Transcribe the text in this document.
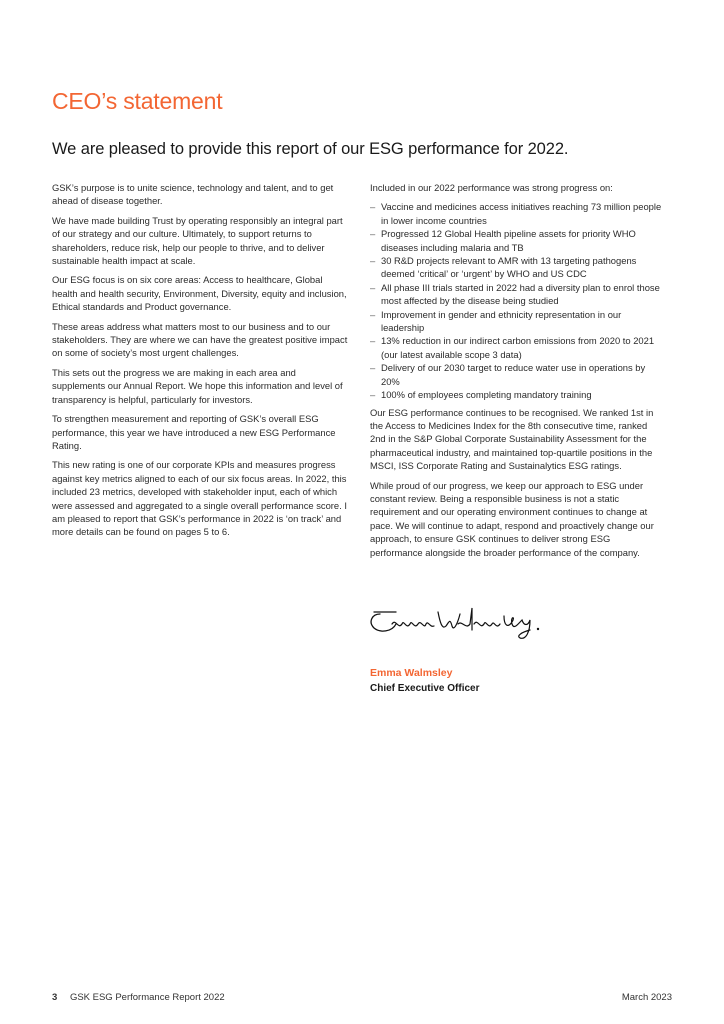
CEO’s statement
We are pleased to provide this report of our ESG performance for 2022.

GSK’s purpose is to unite science, technology and talent, and to get ahead of disease together.

We have made building Trust by operating responsibly an integral part of our strategy and our culture. Ultimately, to support returns to shareholders, reduce risk, help our people to thrive, and to deliver sustainable health impact at scale.

Our ESG focus is on six core areas: Access to healthcare, Global health and health security, Environment, Diversity, equity and inclusion, Ethical standards and Product governance.

These areas address what matters most to our business and to our stakeholders. They are where we can have the greatest positive impact on some of society’s most urgent challenges.

This sets out the progress we are making in each area and supplements our Annual Report. We hope this information and level of transparency is helpful, particularly for investors.

To strengthen measurement and reporting of GSK’s overall ESG performance, this year we have introduced a new ESG Performance Rating.

This new rating is one of our corporate KPIs and measures progress against key metrics aligned to each of our six focus areas. In 2022, this included 23 metrics, developed with stakeholder input, each of which were assessed and aggregated to a single overall performance score. I am pleased to report that GSK’s performance in 2022 is ‘on track’ and more details can be found on pages 5 to 6.

Included in our 2022 performance was strong progress on:

– Vaccine and medicines access initiatives reaching 73 million people in lower income countries
– Progressed 12 Global Health pipeline assets for priority WHO diseases including malaria and TB
– 30 R&D projects relevant to AMR with 13 targeting pathogens deemed ‘critical’ or ‘urgent’ by WHO and US CDC
– All phase III trials started in 2022 had a diversity plan to enrol those most affected by the disease being studied
– Improvement in gender and ethnicity representation in our leadership
– 13% reduction in our indirect carbon emissions from 2020 to 2021 (our latest available scope 3 data)
– Delivery of our 2030 target to reduce water use in operations by 20%
– 100% of employees completing mandatory training

Our ESG performance continues to be recognised. We ranked 1st in the Access to Medicines Index for the 8th consecutive time, ranked 2nd in the S&P Global Corporate Sustainability Assessment for the pharmaceutical industry, and maintained top-quartile positions in the MSCI, ISS Corporate Rating and Sustainalytics ESG ratings.

While proud of our progress, we keep our approach to ESG under constant review. Being a responsible business is not a static requirement and our operating environment continues to change at pace. We will continue to adapt, respond and proactively change our approach, to ensure GSK continues to deliver strong ESG performance alongside the broader performance of the company.

Emma Walmsley
Chief Executive Officer
3 GSK ESG Performance Report 2022	March 2023
